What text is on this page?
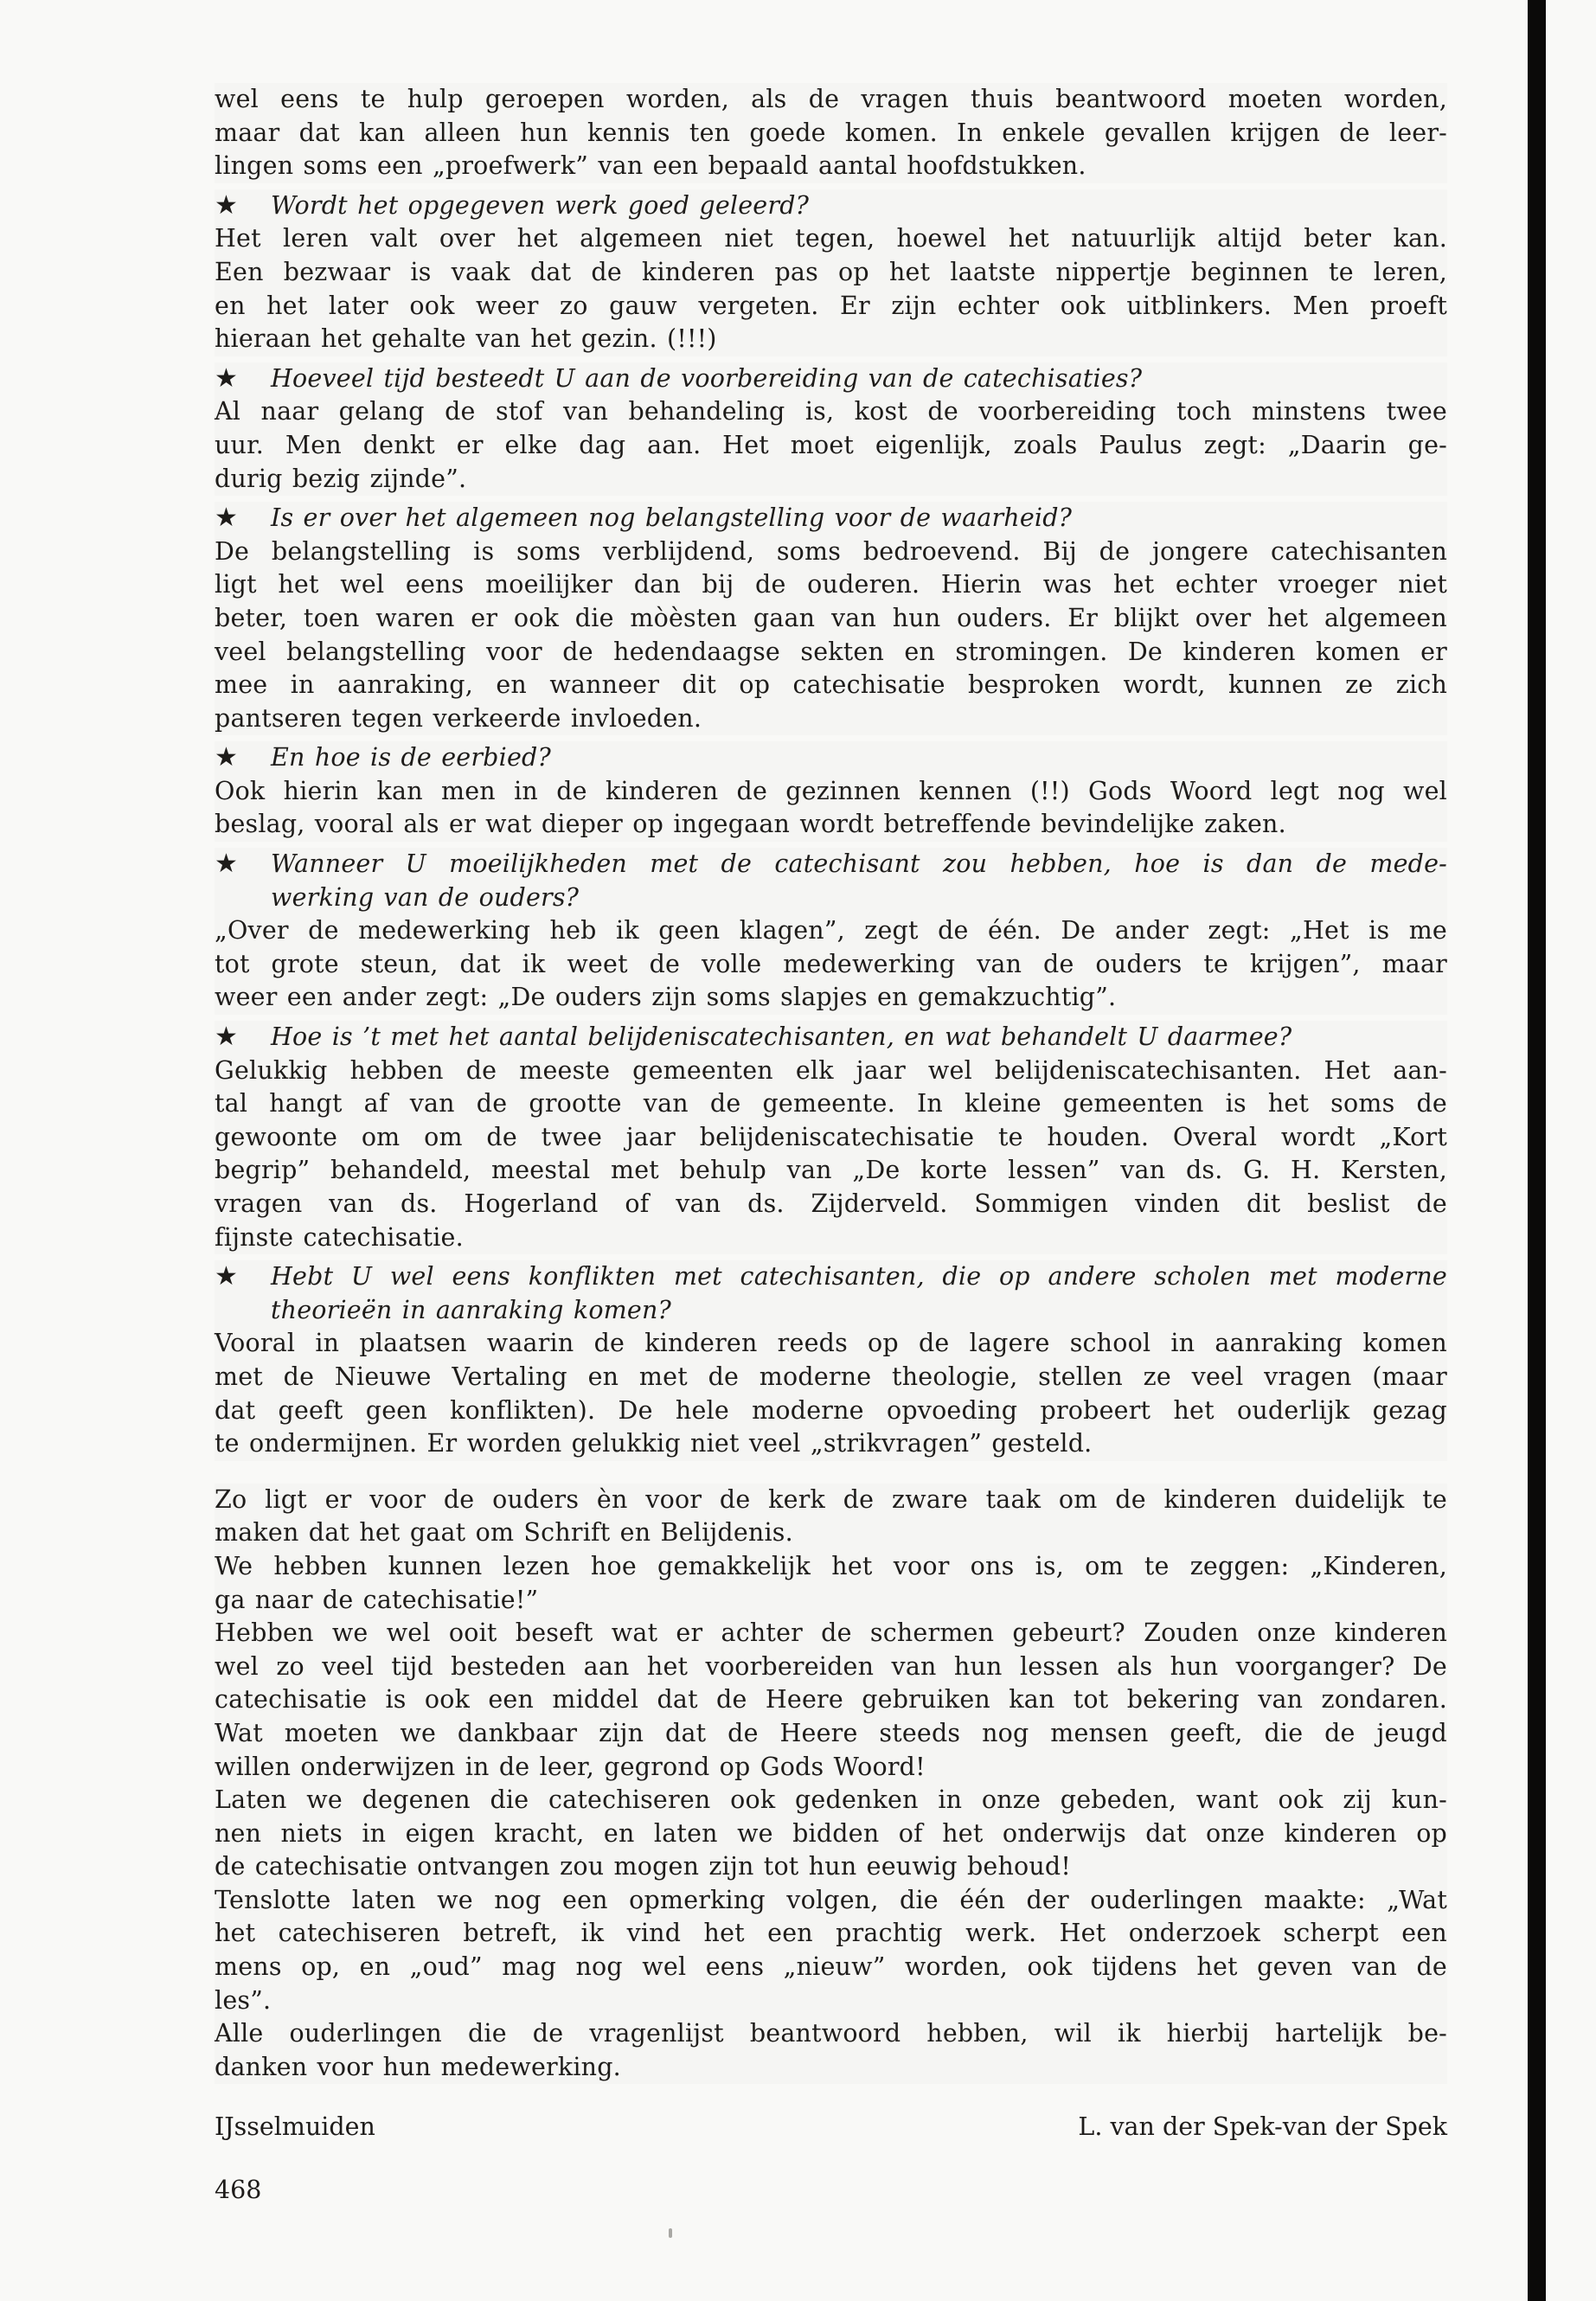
wel eens te hulp geroepen worden, als de vragen thuis beantwoord moeten worden,
maar dat kan alleen hun kennis ten goede komen. In enkele gevallen krijgen de leer-
lingen soms een „proefwerk” van een bepaald aantal hoofdstukken.
★	Wordt het opgegeven werk goed geleerd?
Het leren valt over het algemeen niet tegen, hoewel het natuurlijk altijd beter kan.
Een bezwaar is vaak dat de kinderen pas op het laatste nippertje beginnen te leren,
en het later ook weer zo gauw vergeten. Er zijn echter ook uitblinkers. Men proeft
hieraan het gehalte van het gezin. (!!!)
★	Hoeveel tijd besteedt U aan de voorbereiding van de catechisaties?
Al naar gelang de stof van behandeling is, kost de voorbereiding toch minstens twee
uur. Men denkt er elke dag aan. Het moet eigenlijk, zoals Paulus zegt: „Daarin ge-
durig bezig zijnde”.
★	Is er over het algemeen nog belangstelling voor de waarheid?
De belangstelling is soms verblijdend, soms bedroevend. Bij de jongere catechisanten
ligt het wel eens moeilijker dan bij de ouderen. Hierin was het echter vroeger niet
beter, toen waren er ook die mòèsten gaan van hun ouders. Er blijkt over het algemeen
veel belangstelling voor de hedendaagse sekten en stromingen. De kinderen komen er
mee in aanraking, en wanneer dit op catechisatie besproken wordt, kunnen ze zich
pantseren tegen verkeerde invloeden.
★	En hoe is de eerbied?
Ook hierin kan men in de kinderen de gezinnen kennen (!!) Gods Woord legt nog wel
beslag, vooral als er wat dieper op ingegaan wordt betreffende bevindelijke zaken.
★	Wanneer U moeilijkheden met de catechisant zou hebben, hoe is dan de mede-
werking van de ouders?
„Over de medewerking heb ik geen klagen”, zegt de één. De ander zegt: „Het is me
tot grote steun, dat ik weet de volle medewerking van de ouders te krijgen”, maar
weer een ander zegt: „De ouders zijn soms slapjes en gemakzuchtig”.
★	Hoe is ’t met het aantal belijdeniscatechisanten, en wat behandelt U daarmee?
Gelukkig hebben de meeste gemeenten elk jaar wel belijdeniscatechisanten. Het aan-
tal hangt af van de grootte van de gemeente. In kleine gemeenten is het soms de
gewoonte om om de twee jaar belijdeniscatechisatie te houden. Overal wordt „Kort
begrip” behandeld, meestal met behulp van „De korte lessen” van ds. G. H. Kersten,
vragen van ds. Hogerland of van ds. Zijderveld. Sommigen vinden dit beslist de
fijnste catechisatie.
★	Hebt U wel eens konflikten met catechisanten, die op andere scholen met moderne
theorieën in aanraking komen?
Vooral in plaatsen waarin de kinderen reeds op de lagere school in aanraking komen
met de Nieuwe Vertaling en met de moderne theologie, stellen ze veel vragen (maar
dat geeft geen konflikten). De hele moderne opvoeding probeert het ouderlijk gezag
te ondermijnen. Er worden gelukkig niet veel „strikvragen” gesteld.
Zo ligt er voor de ouders èn voor de kerk de zware taak om de kinderen duidelijk te
maken dat het gaat om Schrift en Belijdenis.
We hebben kunnen lezen hoe gemakkelijk het voor ons is, om te zeggen: „Kinderen,
ga naar de catechisatie!”
Hebben we wel ooit beseft wat er achter de schermen gebeurt? Zouden onze kinderen
wel zo veel tijd besteden aan het voorbereiden van hun lessen als hun voorganger? De
catechisatie is ook een middel dat de Heere gebruiken kan tot bekering van zondaren.
Wat moeten we dankbaar zijn dat de Heere steeds nog mensen geeft, die de jeugd
willen onderwijzen in de leer, gegrond op Gods Woord!
Laten we degenen die catechiseren ook gedenken in onze gebeden, want ook zij kun-
nen niets in eigen kracht, en laten we bidden of het onderwijs dat onze kinderen op
de catechisatie ontvangen zou mogen zijn tot hun eeuwig behoud!
Tenslotte laten we nog een opmerking volgen, die één der ouderlingen maakte: „Wat
het catechiseren betreft, ik vind het een prachtig werk. Het onderzoek scherpt een
mens op, en „oud” mag nog wel eens „nieuw” worden, ook tijdens het geven van de
les”.
Alle ouderlingen die de vragenlijst beantwoord hebben, wil ik hierbij hartelijk be-
danken voor hun medewerking.
IJsselmuiden	L. van der Spek-van der Spek
468
